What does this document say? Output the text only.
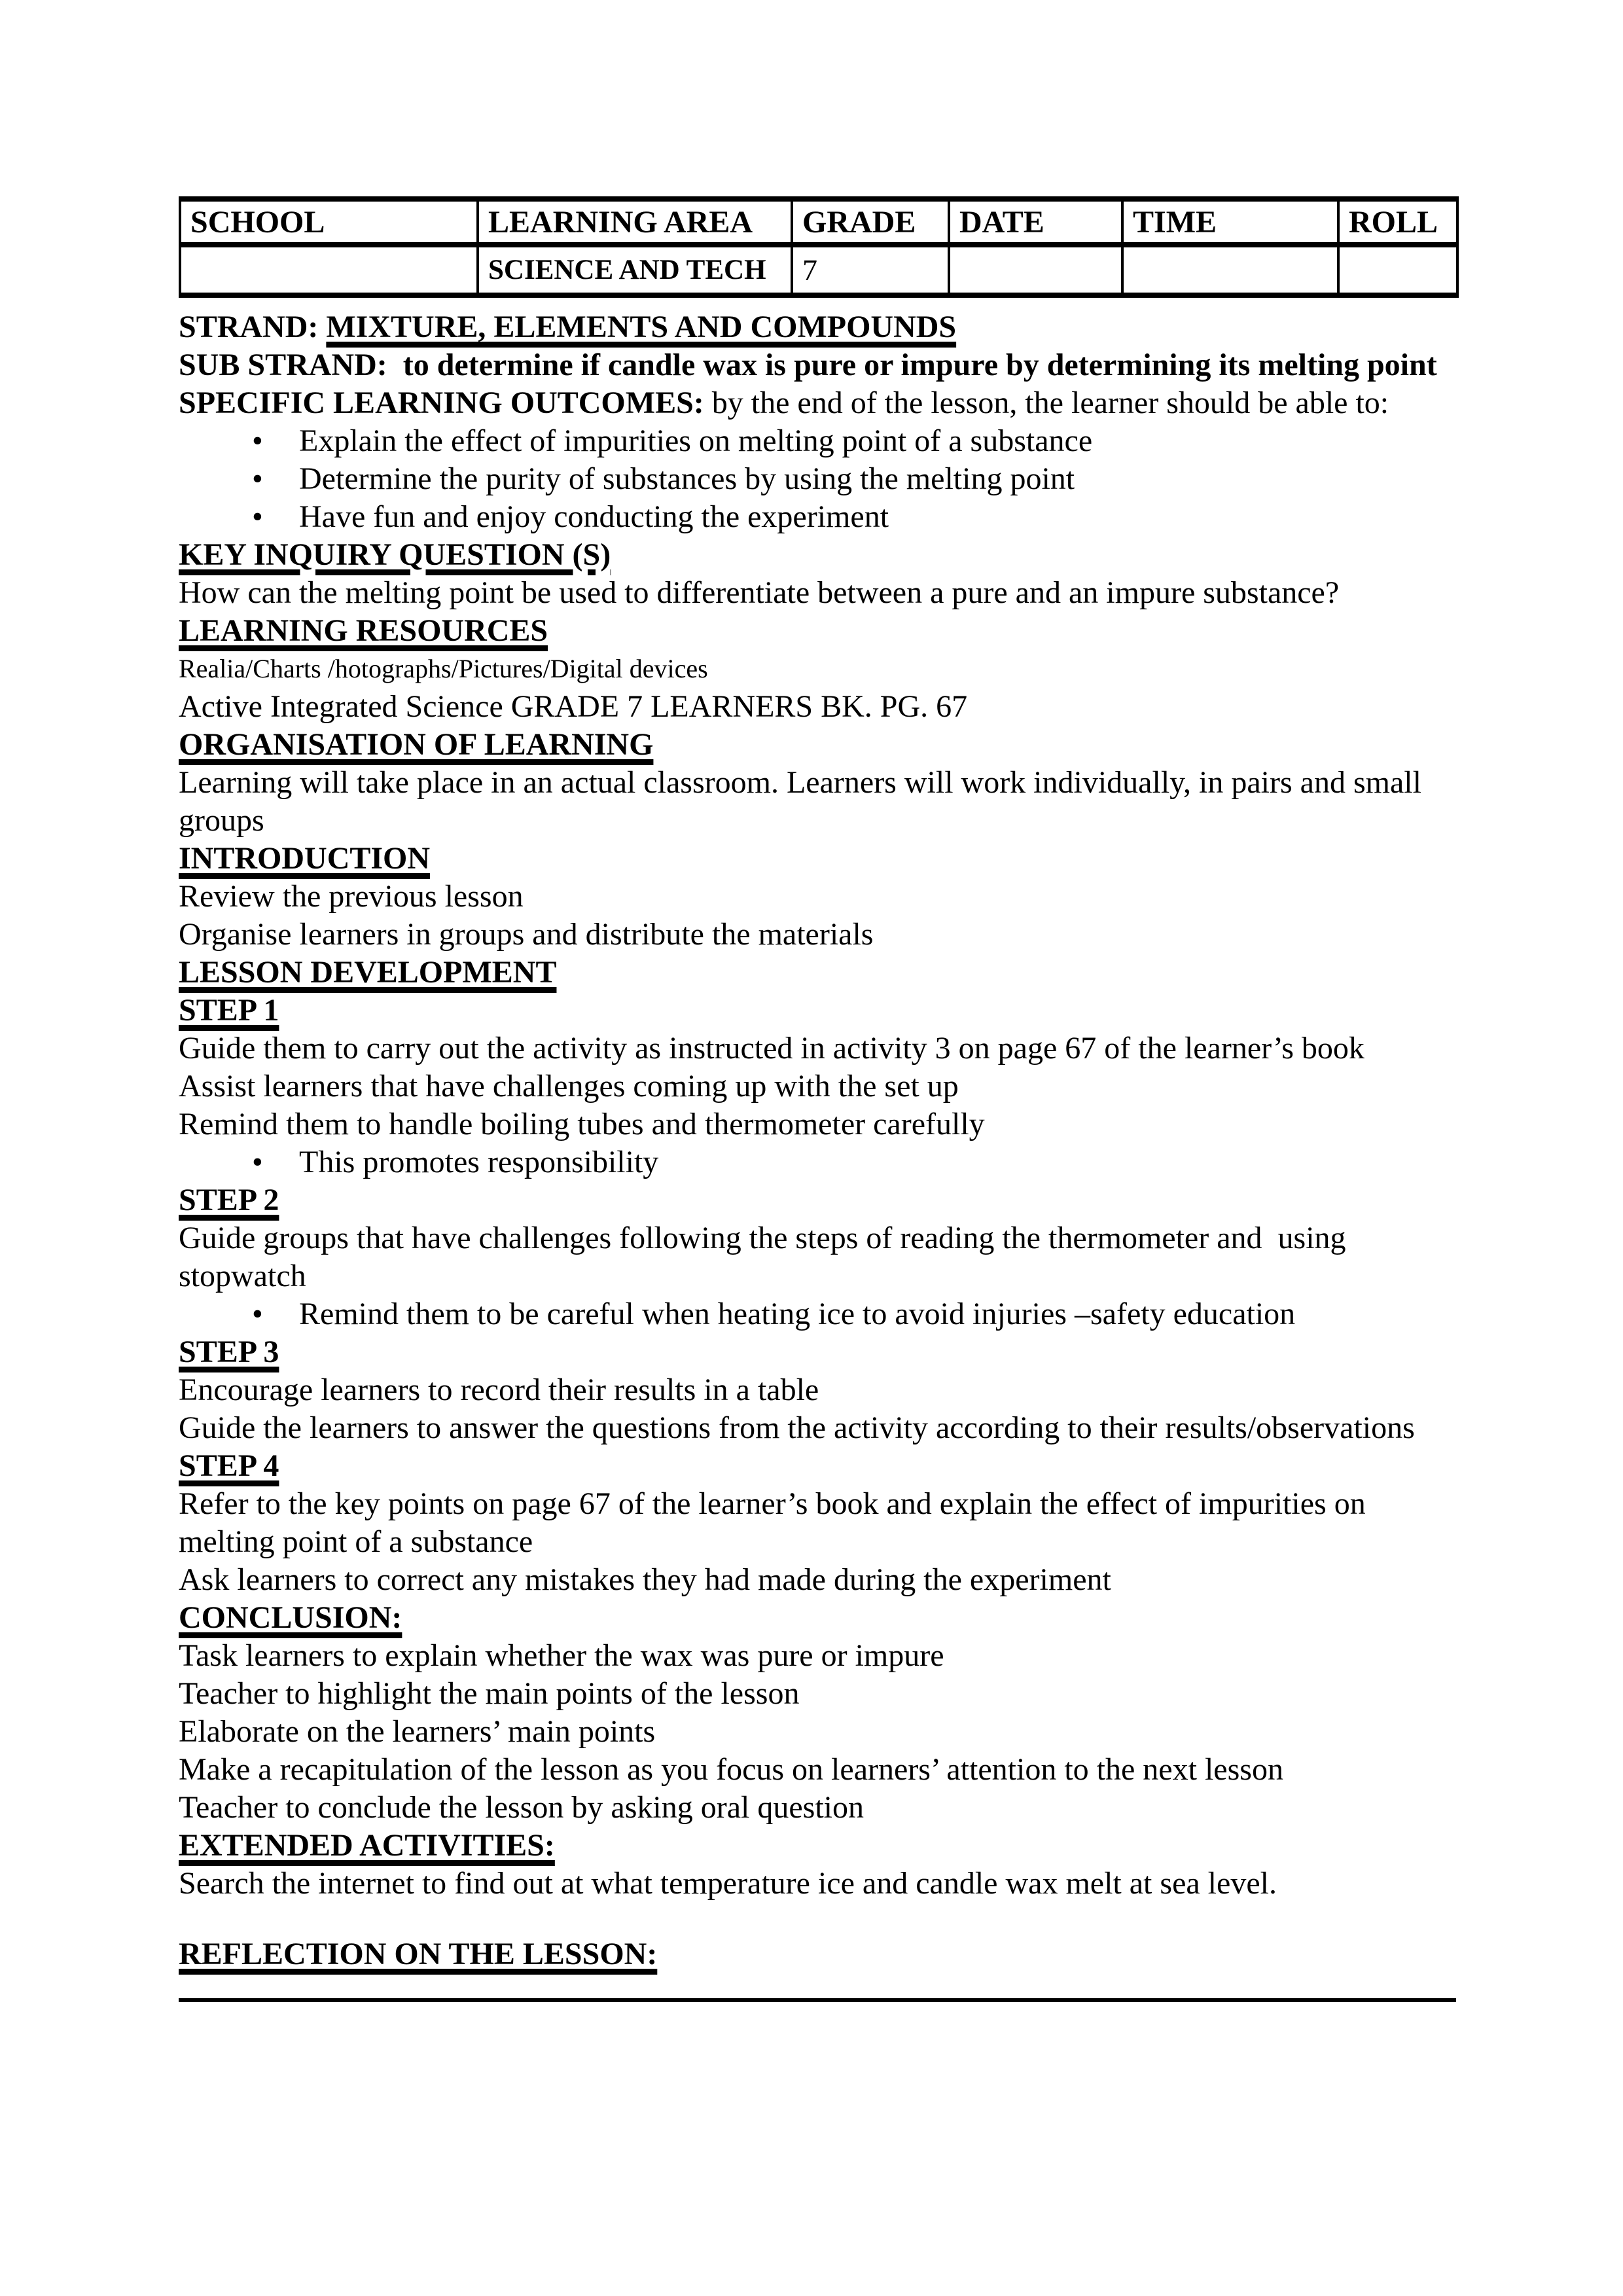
SCHOOL	LEARNING AREA	GRADE	DATE	TIME	ROLL
	SCIENCE AND TECH	7			

STRAND: MIXTURE, ELEMENTS AND COMPOUNDS

SUB STRAND:  to determine if candle wax is pure or impure by determining its melting point

SPECIFIC LEARNING OUTCOMES: by the end of the lesson, the learner should be able to:

• Explain the effect of impurities on melting point of a substance
• Determine the purity of substances by using the melting point
• Have fun and enjoy conducting the experiment

KEY INQUIRY QUESTION (S)

How can the melting point be used to differentiate between a pure and an impure substance?

LEARNING RESOURCES

Realia/Charts /hotographs/Pictures/Digital devices

Active Integrated Science GRADE 7 LEARNERS BK. PG. 67

ORGANISATION OF LEARNING

Learning will take place in an actual classroom. Learners will work individually, in pairs and small groups

INTRODUCTION

Review the previous lesson

Organise learners in groups and distribute the materials

LESSON DEVELOPMENT

STEP 1

Guide them to carry out the activity as instructed in activity 3 on page 67 of the learner’s book

Assist learners that have challenges coming up with the set up

Remind them to handle boiling tubes and thermometer carefully

• This promotes responsibility

STEP 2

Guide groups that have challenges following the steps of reading the thermometer and  using stopwatch

• Remind them to be careful when heating ice to avoid injuries –safety education

STEP 3

Encourage learners to record their results in a table

Guide the learners to answer the questions from the activity according to their results/observations

STEP 4

Refer to the key points on page 67 of the learner’s book and explain the effect of impurities on melting point of a substance

Ask learners to correct any mistakes they had made during the experiment

CONCLUSION:

Task learners to explain whether the wax was pure or impure

Teacher to highlight the main points of the lesson

Elaborate on the learners’ main points

Make a recapitulation of the lesson as you focus on learners’ attention to the next lesson

Teacher to conclude the lesson by asking oral question

EXTENDED ACTIVITIES:

Search the internet to find out at what temperature ice and candle wax melt at sea level.

REFLECTION ON THE LESSON:
